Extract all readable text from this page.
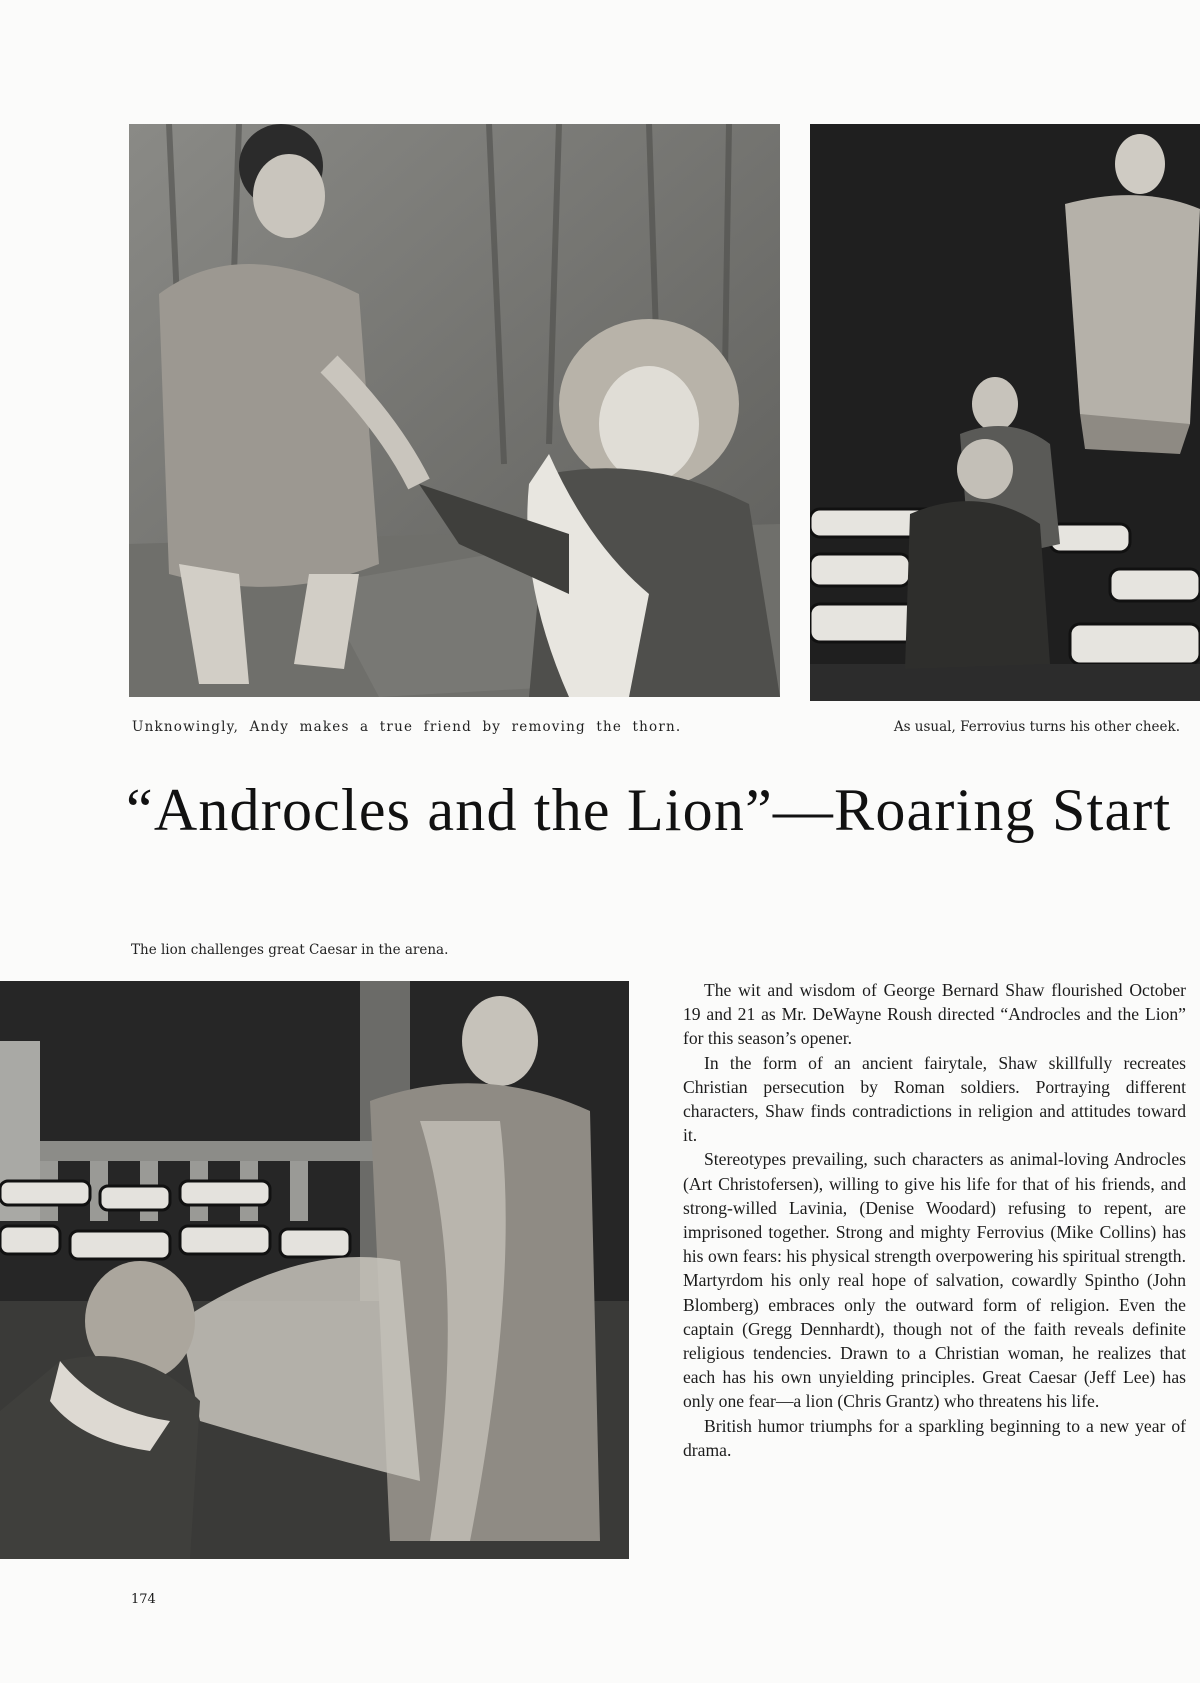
Unknowingly, Andy makes a true friend by removing the thorn.	As usual, Ferrovius turns his other cheek.
“Androcles and the Lion”—Roaring Start
The lion challenges great Caesar in the arena.

The wit and wisdom of George Bernard Shaw flourished October 19 and 21 as Mr. DeWayne Roush directed “Androcles and the Lion” for this season’s opener.

In the form of an ancient fairytale, Shaw skillfully recreates Christian persecution by Roman soldiers. Portraying different characters, Shaw finds contradictions in religion and attitudes toward it.

Stereotypes prevailing, such characters as animal-loving Androcles (Art Christofersen), willing to give his life for that of his friends, and strong-willed Lavinia, (Denise Woodard) refusing to repent, are imprisoned together. Strong and mighty Ferrovius (Mike Collins) has his own fears: his physical strength overpowering his spiritual strength. Martyrdom his only real hope of salvation, cowardly Spintho (John Blomberg) embraces only the outward form of religion. Even the captain (Gregg Dennhardt), though not of the faith reveals definite religious tendencies. Drawn to a Christian woman, he realizes that each has his own unyielding principles. Great Caesar (Jeff Lee) has only one fear—a lion (Chris Grantz) who threatens his life.

British humor triumphs for a sparkling beginning to a new year of drama.

174
